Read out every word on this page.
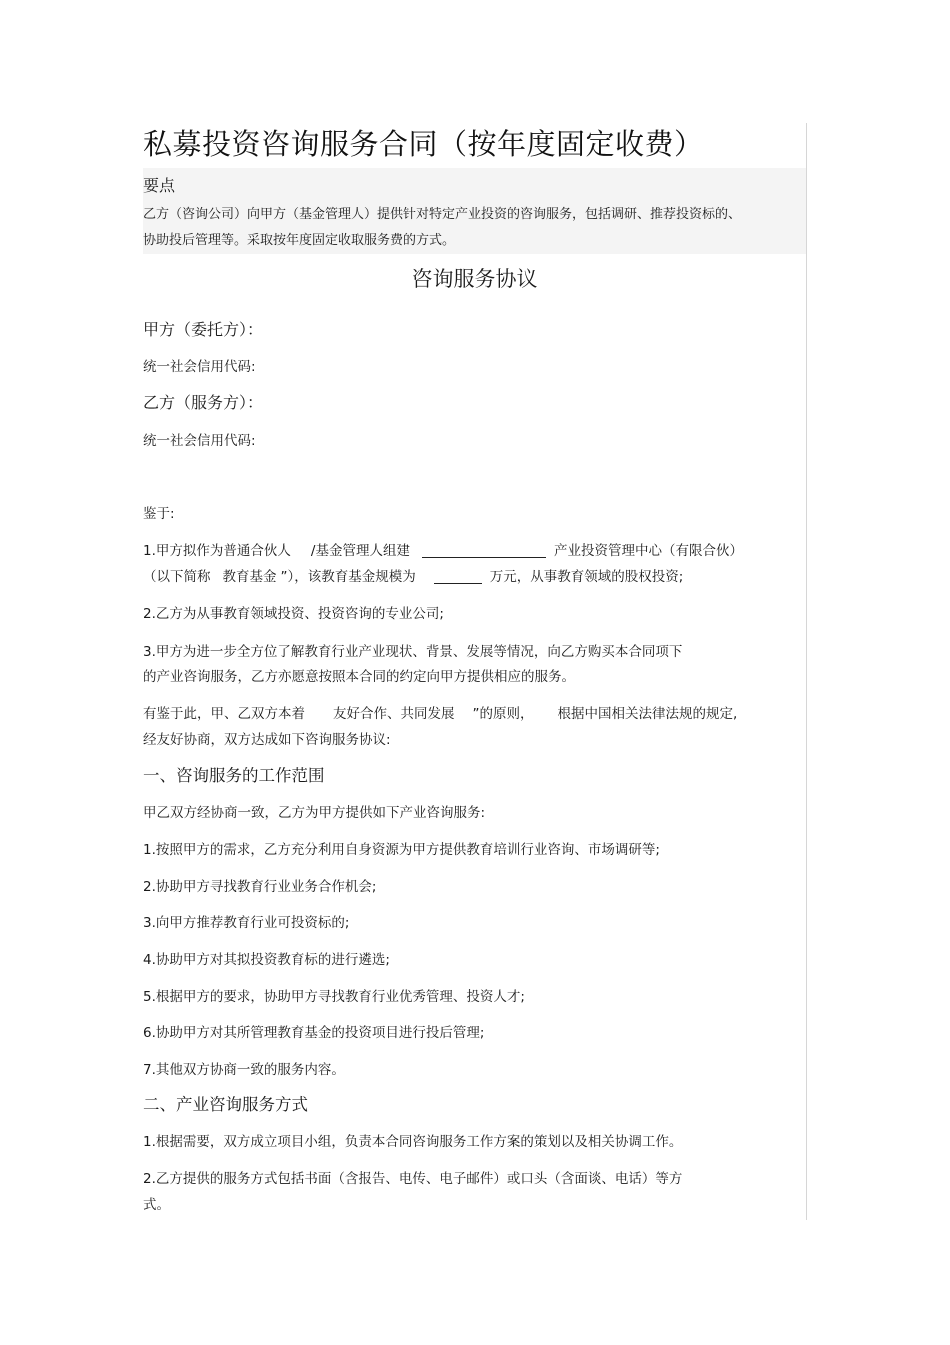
私募投资咨询服务合同（按年度固定收费）
要点

乙方（咨询公司）向甲方（基金管理人）提供针对特定产业投资的咨询服务，包括调研、推荐投资标的、协助投后管理等。采取按年度固定收取服务费的方式。

咨询服务协议

甲方（委托方）：

统一社会信用代码:

乙方（服务方）：

统一社会信用代码:

鉴于:

1.甲方拟作为普通合伙人 /基金管理人组建	产业投资管理中心（有限合伙）

（以下简称 教育基金 ”），该教育基金规模为	万元，从事教育领域的股权投资;

2.乙方为从事教育领域投资、投资咨询的专业公司;

3.甲方为进一步全方位了解教育行业产业现状、背景、发展等情况，向乙方购买本合同项下

的产业咨询服务，乙方亦愿意按照本合同的约定向甲方提供相应的服务。

有鉴于此，甲、乙双方本着 友好合作、共同发展 ”的原则， 根据中国相关法律法规的规定,

经友好协商，双方达成如下咨询服务协议:

一、咨询服务的工作范围

甲乙双方经协商一致，乙方为甲方提供如下产业咨询服务:

1.按照甲方的需求，乙方充分利用自身资源为甲方提供教育培训行业咨询、市场调研等;

2.协助甲方寻找教育行业业务合作机会;

3.向甲方推荐教育行业可投资标的;

4.协助甲方对其拟投资教育标的进行遴选;

5.根据甲方的要求，协助甲方寻找教育行业优秀管理、投资人才;

6.协助甲方对其所管理教育基金的投资项目进行投后管理;

7.其他双方协商一致的服务内容。

二、产业咨询服务方式

1.根据需要，双方成立项目小组，负责本合同咨询服务工作方案的策划以及相关协调工作。

2.乙方提供的服务方式包括书面（含报告、电传、电子邮件）或口头（含面谈、电话）等方

式。
